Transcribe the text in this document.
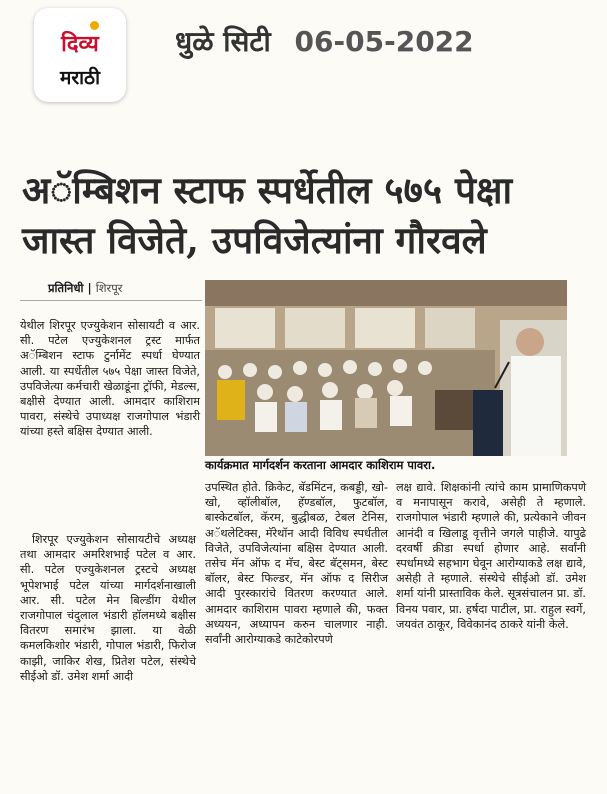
दिव्य
मराठी
धुळे सिटी 06-05-2022
अॅम्बिशन स्टाफ स्पर्धेतील ५७५ पेक्षा जास्त विजेते, उपविजेत्यांना गौरवले
प्रतिनिधी | शिरपूर
कार्यक्रमात मार्गदर्शन करताना आमदार काशिराम पावरा.
येथील शिरपूर एज्युकेशन सोसायटी व आर. सी. पटेल एज्युकेशनल ट्रस्ट मार्फत अॅम्बिशन स्टाफ टुर्नामेंट स्पर्धा घेण्यात आली. या स्पर्धेतील ५७५ पेक्षा जास्त विजेते, उपविजेत्या कर्मचारी खेळाडूंना ट्रॉफी, मेडल्स, बक्षीसे देण्यात आली. आमदार काशिराम पावरा, संस्थेचे उपाध्यक्ष राजगोपाल भंडारी यांच्या हस्ते बक्षिस देण्यात आली.
शिरपूर एज्युकेशन सोसायटीचे अध्यक्ष तथा आमदार अमरिशभाई पटेल व आर. सी. पटेल एज्युकेशनल ट्रस्टचे अध्यक्ष भूपेशभाई पटेल यांच्या मार्गदर्शनाखाली आर. सी. पटेल मेन बिल्डींग येथील राजगोपाल चंदुलाल भंडारी हॉलमध्ये बक्षीस वितरण समारंभ झाला. या वेळी कमलकिशोर भंडारी, गोपाल भंडारी, फिरोज काझी, जाकिर शेख, प्रितेश पटेल, संस्थेचे सीईओ डॉ. उमेश शर्मा आदी
उपस्थित होते. क्रिकेट, बॅडमिंटन, कबड्डी, खो-खो, व्हॉलीबॉल, हॅण्डबॉल, फुटबॉल, बास्केटबॉल, कॅरम, बुद्धीबळ, टेबल टेनिस, अॅथलेटिक्स, मॅरेथॉन आदी विविध स्पर्धतील विजेते, उपविजेत्यांना बक्षिस देण्यात आली. तसेच मॅन ऑफ द मॅच, बेस्ट बॅट्समन, बेस्ट बॉलर, बेस्ट फिल्डर, मॅन ऑफ द सिरीज आदी पुरस्कारांचे वितरण करण्यात आले. आमदार काशिराम पावरा म्हणाले की, फक्त अध्ययन, अध्यापन करुन चालणार नाही. सर्वांनी आरोग्याकडे काटेकोरपणे
लक्ष द्यावे. शिक्षकांनी त्यांचे काम प्रामाणिकपणे व मनापासून करावे, असेही ते म्हणाले. राजगोपाल भंडारी म्हणाले की, प्रत्येकाने जीवन आनंदी व खिलाडू वृत्तीने जगले पाहीजे. यापुढे दरवर्षी क्रीडा स्पर्धा होणार आहे. सर्वांनी स्पर्धामध्ये सहभाग घेवून आरोग्याकडे लक्ष द्यावे, असेही ते म्हणाले. संस्थेचे सीईओ डॉ. उमेश शर्मा यांनी प्रास्ताविक केले. सूत्रसंचालन प्रा. डॉ. विनय पवार, प्रा. हर्षदा पाटील, प्रा. राहुल स्वर्गे, जयवंत ठाकूर, विवेकानंद ठाकरे यांनी केले.
